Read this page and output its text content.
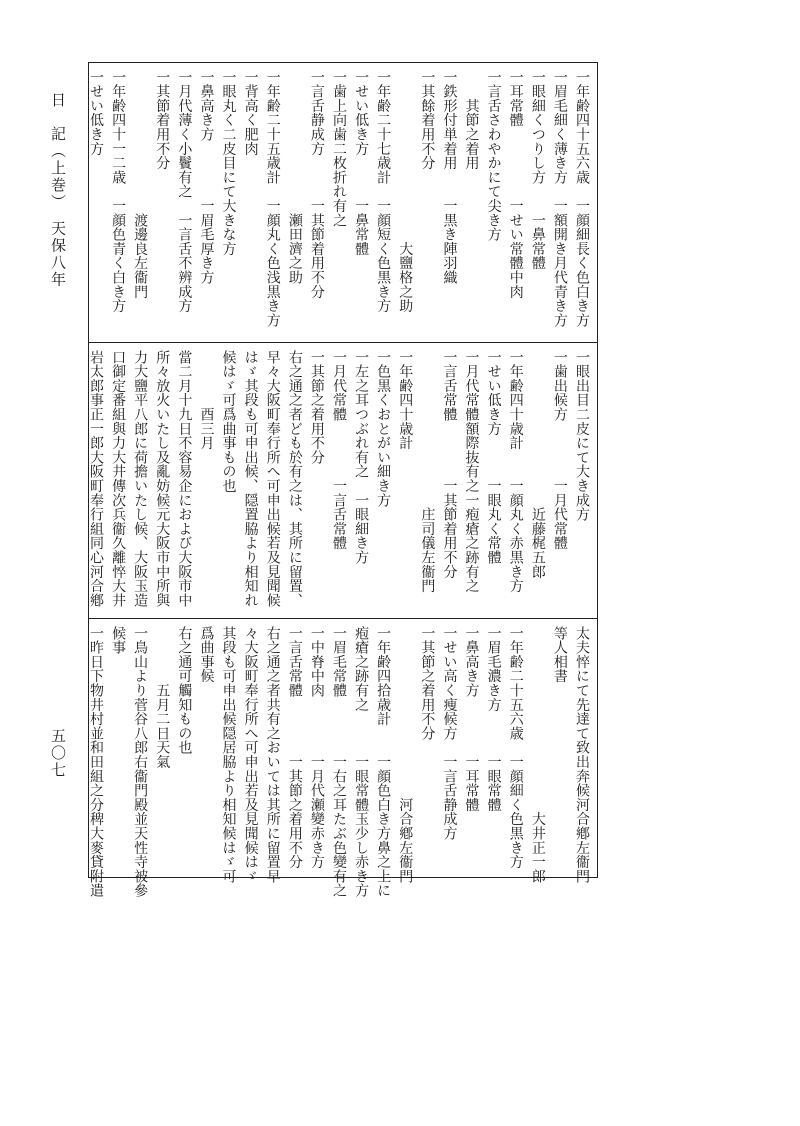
日　記（上巻）　天保八年
五〇七
一年齢四十五六歳　一顔細長く色白き方
一眉毛細く薄き方　一額開き月代青き方
一眼細くつりし方　　一鼻常體
一耳常體　　　　　一せい常體中肉
一言舌さわやかにて尖き方
　　其節之着用
一鉄形付単着用　　一黒き陣羽織
一其餘着用不分
　　　　　　　　　　　　大鹽格之助
一年齢二十七歳計　一顔短く色黒き方
一せい低き方　　　一鼻常體
一歯上向歯二枚折れ有之
一言舌静成方　　　一其節着用不分
　　　　　　　　　　瀬田濟之助
一年齢二十五歳計　一顔丸く色浅黒き方
一背高く肥肉
一眼丸く二皮目にて大きな方
一鼻高き方　　　　一眉毛厚き方
一月代薄く小鬢有之　一言舌不辨成方
一其節着用不分
　　　　　　　　　　渡邊良左衞門
一年齢四十一二歳　一顔色青く白き方
一せい低き方
一眼出目二皮にて大き成方
一歯出候方　　　　一月代常體
　　　　　　　　　　　近藤梶五郎
一年齢四十歳計　　一顔丸く赤黒き方
一せい低き方　　　一眼丸く常體
一月代常體額際抜有之一疱瘡之跡有之
一言舌常體　　　　一其節着用不分
　　　　　　　　　　　庄司儀左衞門
一年齢四十歳計
一色黒くおとがい細き方
一左之耳つぶれ有之　一眼細き方
一月代常體　　　　一言舌常體
一其節之着用不分
右之通之者ども於有之は、其所に留置、
早々大阪町奉行所へ可申出候若及見聞候
はゞ其段も可申出候、隠置脇より相知れ
候はゞ可爲曲事もの也
　　　　酉三月
當二月十九日不容易企におよび大阪市中
所々放火いたし及亂妨候元大阪市中所與
力大鹽平八郎に荷擔いたし候、大阪玉造
口御定番組與力大井傳次兵衞久離悴大井
岩太郎事正一郎大阪町奉行組同心河合鄕
太夫悴にて先達て致出奔候河合鄕左衞門
等人相書
　　　　　　　　　　　　　大井正一郎
一年齢二十五六歳　一顔細く色黒き方
一眉毛濃き方　　　一眼常體
一鼻高き方　　　　一耳常體
一せい高く痩候方　一言舌静成方
一其節之着用不分
　　　　　　　　　　　　河合鄕左衞門
一年齢四拾歳計　　一顔色白き方鼻之上に
疱瘡之跡有之　　　一眼常體玉少し赤き方
一眉毛常體　　　　一右之耳たぶ色變有之
一中脊中肉　　　　一月代瀬變赤き方
一言舌常體　　　　一其節之着用不分
右之通之者共有之おいては其所に留置早
々大阪町奉行所へ可申出若及見聞候はゞ
其段も可申出候隠居脇より相知候はゞ可
爲曲事候
右之通可觸知もの也
　　　　五月二日天氣
一鳥山より菅谷八郎右衞門殿並天性寺被參
候事
一昨日下物井村並和田組之分稗大麥貸附遣
